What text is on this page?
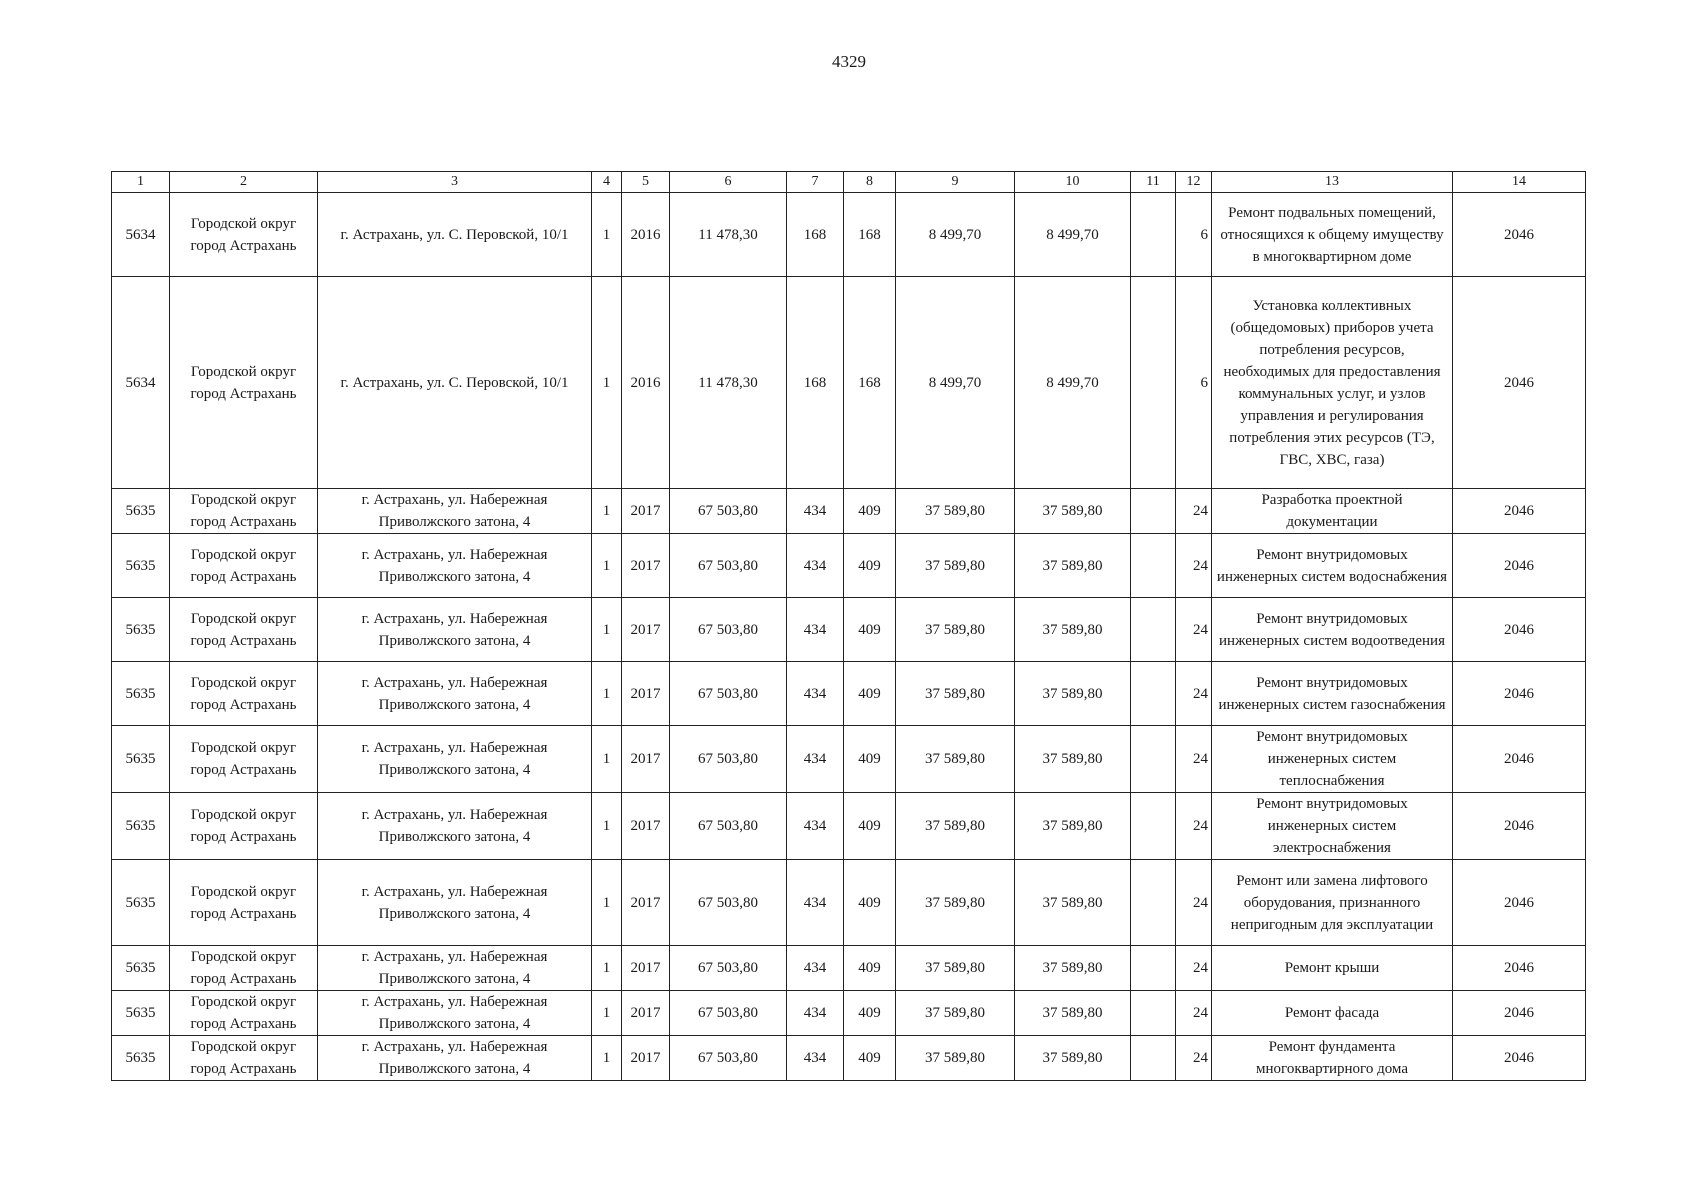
4329
1	2	3	4	5	6	7	8	9	10	11	12	13	14
5634	Городской округ город Астрахань	г. Астрахань, ул. С. Перовской, 10/1	1	2016	11 478,30	168	168	8 499,70	8 499,70		6	Ремонт подвальных помещений, относящихся к общему имуществу в многоквартирном доме	2046
5634	Городской округ город Астрахань	г. Астрахань, ул. С. Перовской, 10/1	1	2016	11 478,30	168	168	8 499,70	8 499,70		6	Установка коллективных (общедомовых) приборов учета потребления ресурсов, необходимых для предоставления коммунальных услуг, и узлов управления и регулирования потребления этих ресурсов (ТЭ, ГВС, ХВС, газа)	2046
5635	Городской округ город Астрахань	г. Астрахань, ул. Набережная Приволжского затона, 4	1	2017	67 503,80	434	409	37 589,80	37 589,80		24	Разработка проектной документации	2046
5635	Городской округ город Астрахань	г. Астрахань, ул. Набережная Приволжского затона, 4	1	2017	67 503,80	434	409	37 589,80	37 589,80		24	Ремонт внутридомовых инженерных систем водоснабжения	2046
5635	Городской округ город Астрахань	г. Астрахань, ул. Набережная Приволжского затона, 4	1	2017	67 503,80	434	409	37 589,80	37 589,80		24	Ремонт внутридомовых инженерных систем водоотведения	2046
5635	Городской округ город Астрахань	г. Астрахань, ул. Набережная Приволжского затона, 4	1	2017	67 503,80	434	409	37 589,80	37 589,80		24	Ремонт внутридомовых инженерных систем газоснабжения	2046
5635	Городской округ город Астрахань	г. Астрахань, ул. Набережная Приволжского затона, 4	1	2017	67 503,80	434	409	37 589,80	37 589,80		24	Ремонт внутридомовых инженерных систем теплоснабжения	2046
5635	Городской округ город Астрахань	г. Астрахань, ул. Набережная Приволжского затона, 4	1	2017	67 503,80	434	409	37 589,80	37 589,80		24	Ремонт внутридомовых инженерных систем электроснабжения	2046
5635	Городской округ город Астрахань	г. Астрахань, ул. Набережная Приволжского затона, 4	1	2017	67 503,80	434	409	37 589,80	37 589,80		24	Ремонт или замена лифтового оборудования, признанного непригодным для эксплуатации	2046
5635	Городской округ город Астрахань	г. Астрахань, ул. Набережная Приволжского затона, 4	1	2017	67 503,80	434	409	37 589,80	37 589,80		24	Ремонт крыши	2046
5635	Городской округ город Астрахань	г. Астрахань, ул. Набережная Приволжского затона, 4	1	2017	67 503,80	434	409	37 589,80	37 589,80		24	Ремонт фасада	2046
5635	Городской округ город Астрахань	г. Астрахань, ул. Набережная Приволжского затона, 4	1	2017	67 503,80	434	409	37 589,80	37 589,80		24	Ремонт фундамента многоквартирного дома	2046
